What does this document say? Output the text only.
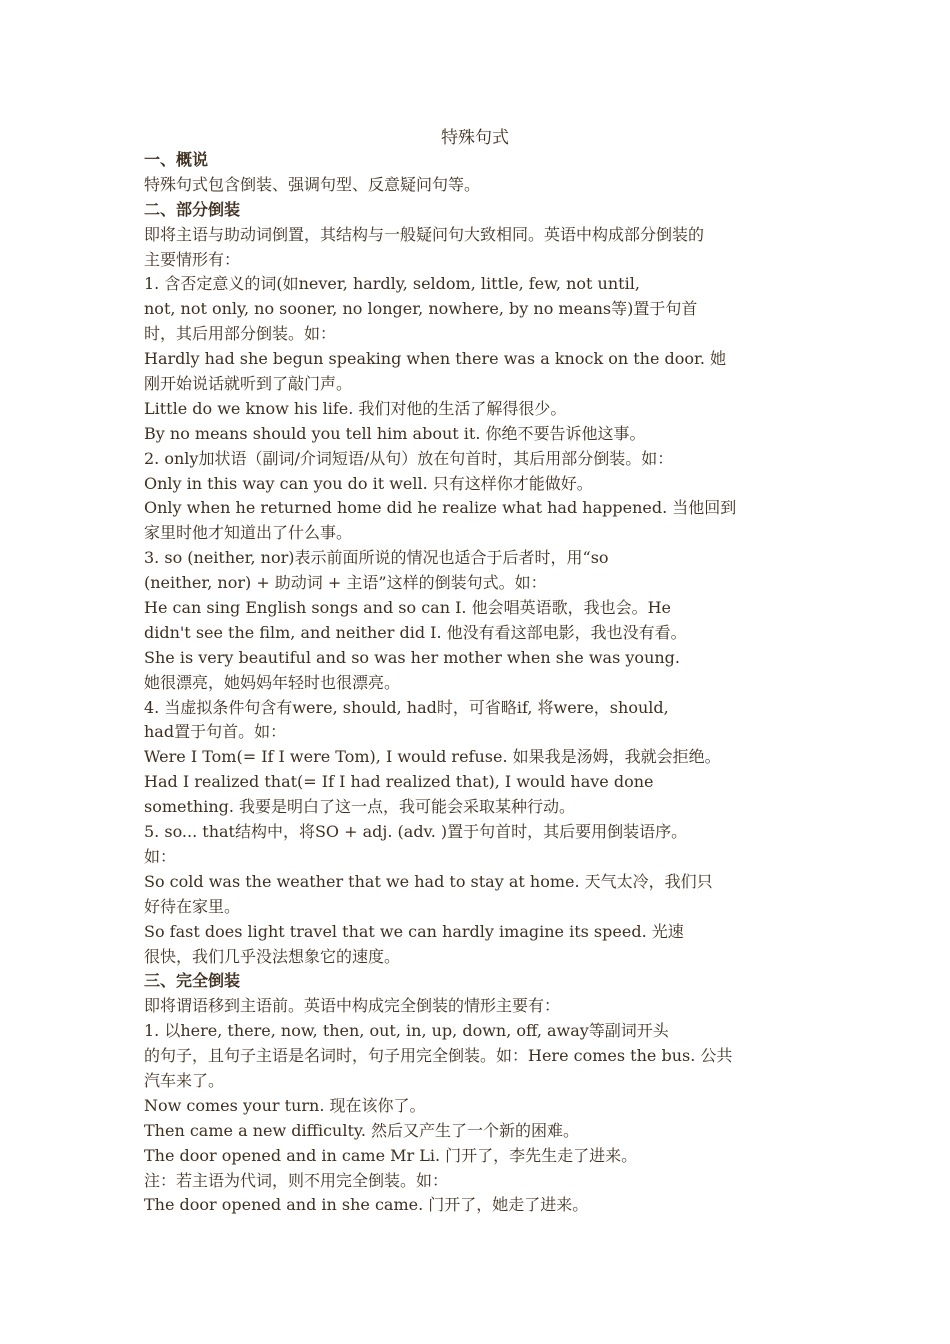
特殊句式
一、概说
特殊句式包含倒装、强调句型、反意疑问句等。
二、部分倒装
即将主语与助动词倒置，其结构与一般疑问句大致相同。英语中构成部分倒装的
主要情形有：
1. 含否定意义的词(如never, hardly, seldom, little, few, not until,
not, not only, no sooner, no longer, nowhere, by no means等)置于句首
时，其后用部分倒装。如：
Hardly had she begun speaking when there was a knock on the door. 她
刚开始说话就听到了敲门声。
Little do we know his life. 我们对他的生活了解得很少。
By no means should you tell him about it. 你绝不要告诉他这事。
2. only加状语（副词/介词短语/从句）放在句首时，其后用部分倒装。如：
Only in this way can you do it well. 只有这样你才能做好。
Only when he returned home did he realize what had happened. 当他回到
家里时他才知道出了什么事。
3. so (neither, nor)表示前面所说的情况也适合于后者时，用“so
(neither, nor) + 助动词 + 主语”这样的倒装句式。如：
He can sing English songs and so can I. 他会唱英语歌，我也会。He
didn't see the film, and neither did I. 他没有看这部电影，我也没有看。
She is very beautiful and so was her mother when she was young.
她很漂亮，她妈妈年轻时也很漂亮。
4. 当虚拟条件句含有were, should, had时，可省略if, 将were，should,
had置于句首。如：
Were I Tom(= If I were Tom), I would refuse. 如果我是汤姆，我就会拒绝。
Had I realized that(= If I had realized that), I would have done
something. 我要是明白了这一点，我可能会采取某种行动。
5. so... that结构中，将SO + adj. (adv. )置于句首时，其后要用倒装语序。
如：
So cold was the weather that we had to stay at home. 天气太冷，我们只
好待在家里。
So fast does light travel that we can hardly imagine its speed. 光速
很快，我们几乎没法想象它的速度。
三、完全倒装
即将谓语移到主语前。英语中构成完全倒装的情形主要有：
1. 以here, there, now, then, out, in, up, down, off, away等副词开头
的句子，且句子主语是名词时，句子用完全倒装。如：Here comes the bus. 公共
汽车来了。
Now comes your turn. 现在该你了。
Then came a new difficulty. 然后又产生了一个新的困难。
The door opened and in came Mr Li. 门开了，李先生走了进来。
注：若主语为代词，则不用完全倒装。如：
The door opened and in she came. 门开了，她走了进来。
